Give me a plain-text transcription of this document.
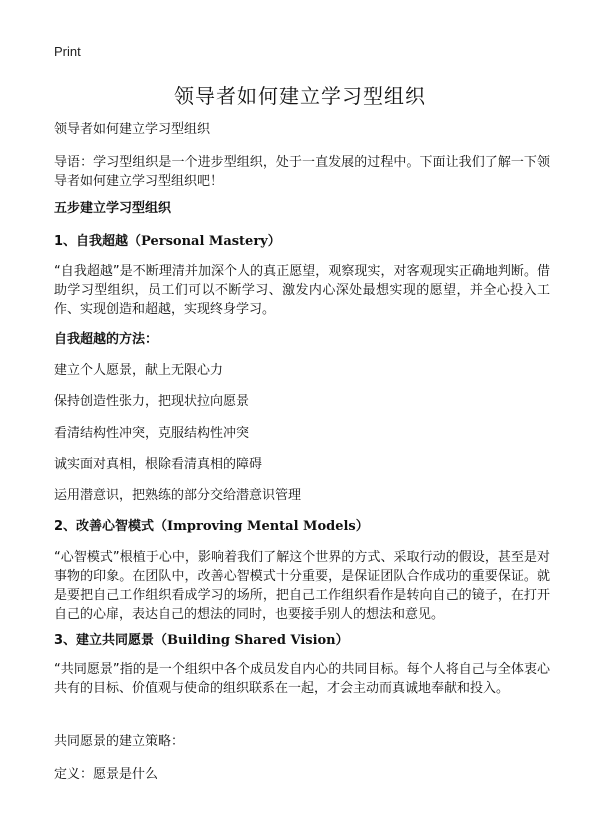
Print
领导者如何建立学习型组织

领导者如何建立学习型组织

导语：学习型组织是一个进步型组织，处于一直发展的过程中。下面让我们了解一下领导者如何建立学习型组织吧！

五步建立学习型组织

1、自我超越（Personal Mastery）

“自我超越”是不断理清并加深个人的真正愿望，观察现实，对客观现实正确地判断。借助学习型组织，员工们可以不断学习、激发内心深处最想实现的愿望，并全心投入工作、实现创造和超越，实现终身学习。

自我超越的方法：

建立个人愿景，献上无限心力

保持创造性张力，把现状拉向愿景

看清结构性冲突，克服结构性冲突

诚实面对真相，根除看清真相的障碍

运用潜意识，把熟练的部分交给潜意识管理

2、改善心智模式（Improving Mental Models）

“心智模式”根植于心中，影响着我们了解这个世界的方式、采取行动的假设，甚至是对事物的印象。在团队中，改善心智模式十分重要，是保证团队合作成功的重要保证。就是要把自己工作组织看成学习的场所，把自己工作组织看作是转向自己的镜子，在打开自己的心扉，表达自己的想法的同时，也要接手别人的想法和意见。

3、建立共同愿景（Building Shared Vision）

“共同愿景”指的是一个组织中各个成员发自内心的共同目标。每个人将自己与全体衷心共有的目标、价值观与使命的组织联系在一起，才会主动而真诚地奉献和投入。

共同愿景的建立策略：

定义：愿景是什么
